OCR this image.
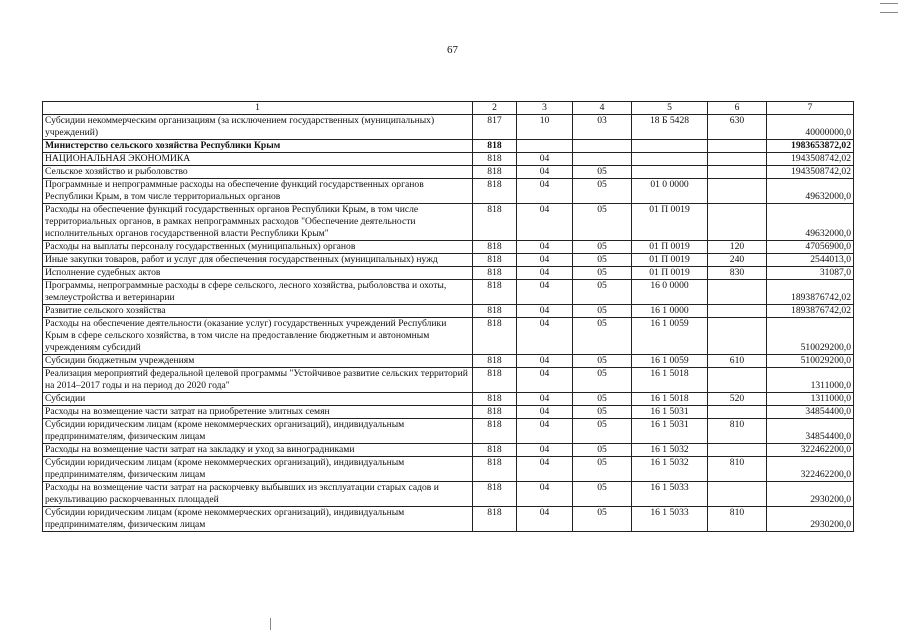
67
1	2	3	4	5	6	7
Субсидии некоммерческим организациям (за исключением государственных (муниципальных) учреждений)	817	10	03	18 Б 5428	630	40000000,0
Министерство сельского хозяйства Республики Крым	818					1983653872,02
НАЦИОНАЛЬНАЯ ЭКОНОМИКА	818	04				1943508742,02
Сельское хозяйство и рыболовство	818	04	05			1943508742,02
Программные и непрограммные расходы на обеспечение функций государственных органов Республики Крым, в том числе территориальных органов	818	04	05	01 0 0000		49632000,0
Расходы на обеспечение функций государственных органов Республики Крым, в том числе территориальных органов, в рамках непрограммных расходов "Обеспечение деятельности исполнительных органов государственной власти Республики Крым"	818	04	05	01 П 0019		49632000,0
Расходы на выплаты персоналу государственных (муниципальных) органов	818	04	05	01 П 0019	120	47056900,0
Иные закупки товаров, работ и услуг для обеспечения государственных (муниципальных) нужд	818	04	05	01 П 0019	240	2544013,0
Исполнение судебных актов	818	04	05	01 П 0019	830	31087,0
Программы, непрограммные расходы в сфере сельского, лесного хозяйства, рыболовства и охоты, землеустройства и ветеринарии	818	04	05	16 0 0000		1893876742,02
Развитие сельского хозяйства	818	04	05	16 1 0000		1893876742,02
Расходы на обеспечение деятельности (оказание услуг) государственных учреждений Республики Крым в сфере сельского хозяйства, в том числе на предоставление бюджетным и автономным учреждениям субсидий	818	04	05	16 1 0059		510029200,0
Субсидии бюджетным учреждениям	818	04	05	16 1 0059	610	510029200,0
Реализация мероприятий федеральной целевой программы "Устойчивое развитие сельских территорий на 2014–2017 годы и на период до 2020 года"	818	04	05	16 1 5018		1311000,0
Субсидии	818	04	05	16 1 5018	520	1311000,0
Расходы на возмещение части затрат на приобретение элитных семян	818	04	05	16 1 5031		34854400,0
Субсидии юридическим лицам (кроме некоммерческих организаций), индивидуальным предпринимателям, физическим лицам	818	04	05	16 1 5031	810	34854400,0
Расходы на возмещение части затрат на закладку и уход за виноградниками	818	04	05	16 1 5032		322462200,0
Субсидии юридическим лицам (кроме некоммерческих организаций), индивидуальным предпринимателям, физическим лицам	818	04	05	16 1 5032	810	322462200,0
Расходы на возмещение части затрат на раскорчевку выбывших из эксплуатации старых садов и рекультивацию раскорчеванных площадей	818	04	05	16 1 5033		2930200,0
Субсидии юридическим лицам (кроме некоммерческих организаций), индивидуальным предпринимателям, физическим лицам	818	04	05	16 1 5033	810	2930200,0
